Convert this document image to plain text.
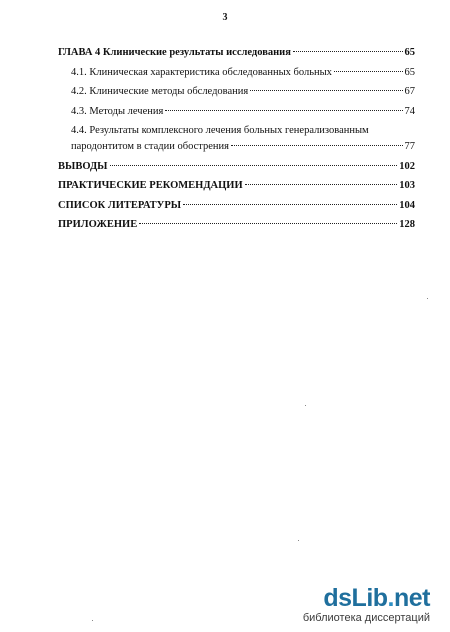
3
ГЛАВА 4 Клинические результаты исследования	65
4.1. Клиническая характеристика обследованных больных	65
4.2. Клинические методы обследования	67
4.3. Методы лечения	74
4.4. Результаты комплексного лечения больных генерализованным
пародонтитом в стадии обострения	77
ВЫВОДЫ	102
ПРАКТИЧЕСКИЕ РЕКОМЕНДАЦИИ	103
СПИСОК ЛИТЕРАТУРЫ	104
ПРИЛОЖЕНИЕ	128
dsLib.net
библиотека диссертаций
